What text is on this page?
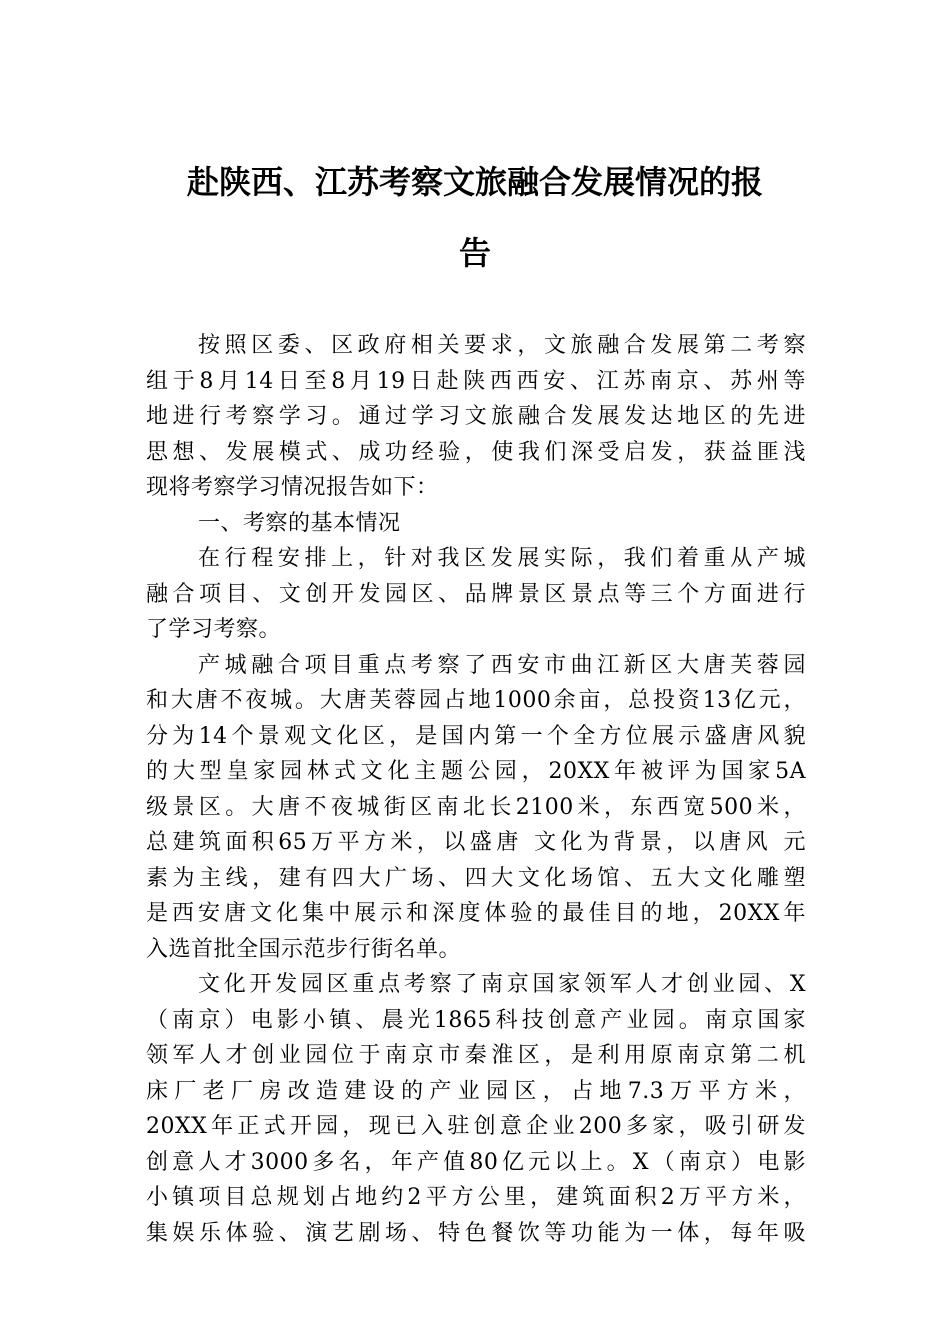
赴陕西、江苏考察文旅融合发展情况的报
告
按照区委、区政府相关要求，文旅融合发展第二考察
组于8月14日至8月19日赴陕西西安、江苏南京、苏州等
地进行考察学习。通过学习文旅融合发展发达地区的先进
思想、发展模式、成功经验，使我们深受启发，获益匪浅
现将考察学习情况报告如下：
一、考察的基本情况
在行程安排上，针对我区发展实际，我们着重从产城
融合项目、文创开发园区、品牌景区景点等三个方面进行
了学习考察。
产城融合项目重点考察了西安市曲江新区大唐芙蓉园
和大唐不夜城。大唐芙蓉园占地1000余亩，总投资13亿元，
分为14个景观文化区，是国内第一个全方位展示盛唐风貌
的大型皇家园林式文化主题公园，20XX年被评为国家5A
级景区。大唐不夜城街区南北长2100米，东西宽500米，
总建筑面积65万平方米，以盛唐 文化为背景，以唐风 元
素为主线，建有四大广场、四大文化场馆、五大文化雕塑
是西安唐文化集中展示和深度体验的最佳目的地，20XX年
入选首批全国示范步行街名单。
文化开发园区重点考察了南京国家领军人才创业园、X
（南京）电影小镇、晨光1865科技创意产业园。南京国家
领军人才创业园位于南京市秦淮区，是利用原南京第二机
床厂老厂房改造建设的产业园区，占地7.3万平方米，
20XX年正式开园，现已入驻创意企业200多家，吸引研发
创意人才3000多名，年产值80亿元以上。X（南京）电影
小镇项目总规划占地约2平方公里，建筑面积2万平方米，
集娱乐体验、演艺剧场、特色餐饮等功能为一体，每年吸
